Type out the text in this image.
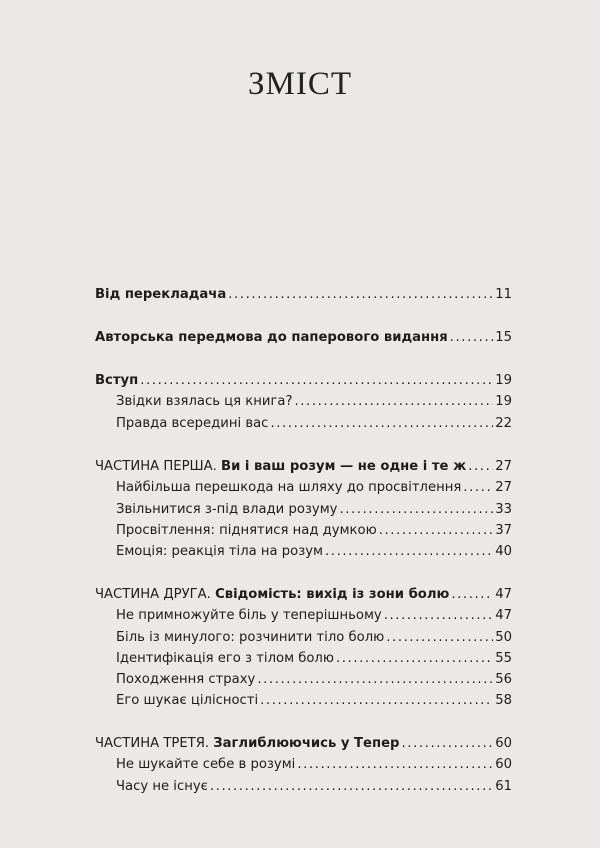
ЗМІСТ
Від перекладача .....	11
Авторська передмова до паперового видання .....	15
Вступ .....	19
Звідки взялась ця книга? .....	19
Правда всередині вас .....	22
ЧАСТИНА ПЕРША. Ви і ваш розум — не одне і те ж ..... 27
Найбільша перешкода на шляху до просвітлення .....	27
Звільнитися з-під влади розуму .....	33
Просвітлення: піднятися над думкою .....	37
Емоція: реакція тіла на розум .....	40
ЧАСТИНА ДРУГА. Свідомість: вихід із зони болю .....	47
Не примножуйте біль у теперішньому .....	47
Біль із минулого: розчинити тіло болю .....	50
Ідентифікація его з тілом болю .....	55
Походження страху .....	56
Его шукає цілісності .....	58
ЧАСТИНА ТРЕТЯ. Заглиблюючись у Тепер .....	60
Не шукайте себе в розумі .....	60
Часу не існує .....	61
